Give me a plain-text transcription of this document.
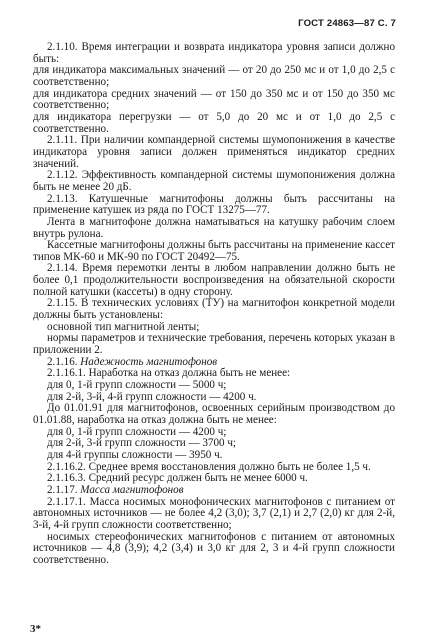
ГОСТ 24863—87 С. 7

2.1.10. Время интеграции и возврата индикатора уровня записи должно быть:

для индикатора максимальных значений — от 20 до 250 мс и от 1,0 до 2,5 с соответственно;

для индикатора средних значений — от 150 до 350 мс и от 150 до 350 мс соответственно;

для индикатора перегрузки — от 5,0 до 20 мс и от 1,0 до 2,5 с соответственно.

2.1.11. При наличии компандерной системы шумопонижения в качестве индикатора уровня записи должен применяться индикатор средних значений.

2.1.12. Эффективность компандерной системы шумопонижения должна быть не менее 20 дБ.

2.1.13. Катушечные магнитофоны должны быть рассчитаны на применение катушек из ряда по ГОСТ 13275—77.

Лента в магнитофоне должна наматываться на катушку рабочим слоем внутрь рулона.

Кассетные магнитофоны должны быть рассчитаны на применение кассет типов МК-60 и МК-90 по ГОСТ 20492—75.

2.1.14. Время перемотки ленты в любом направлении должно быть не более 0,1 продолжительности воспроизведения на обязательной скорости полной катушки (кассеты) в одну сторону.

2.1.15. В технических условиях (ТУ) на магнитофон конкретной модели должны быть установлены:

основной тип магнитной ленты;

нормы параметров и технические требования, перечень которых указан в приложении 2.

2.1.16. Надежность магнитофонов

2.1.16.1. Наработка на отказ должна быть не менее:

для 0, 1-й групп сложности — 5000 ч;

для 2-й, 3-й, 4-й групп сложности — 4200 ч.

До 01.01.91 для магнитофонов, освоенных серийным производством до 01.01.88, наработка на отказ должна быть не менее:

для 0, 1-й групп сложности — 4200 ч;

для 2-й, 3-й групп сложности — 3700 ч;

для 4-й группы сложности — 3950 ч.

2.1.16.2. Среднее время восстановления должно быть не более 1,5 ч.

2.1.16.3. Средний ресурс должен быть не менее 6000 ч.

2.1.17. Масса магнитофонов

2.1.17.1. Масса носимых монофонических магнитофонов с питанием от автономных источников — не более 4,2 (3,0); 3,7 (2,1) и 2,7 (2,0) кг для 2-й, 3-й, 4-й групп сложности соответственно;

носимых стереофонических магнитофонов с питанием от автономных источников — 4,8 (3,9); 4,2 (3,4) и 3,0 кг для 2, 3 и 4-й групп сложности соответственно.

3*
